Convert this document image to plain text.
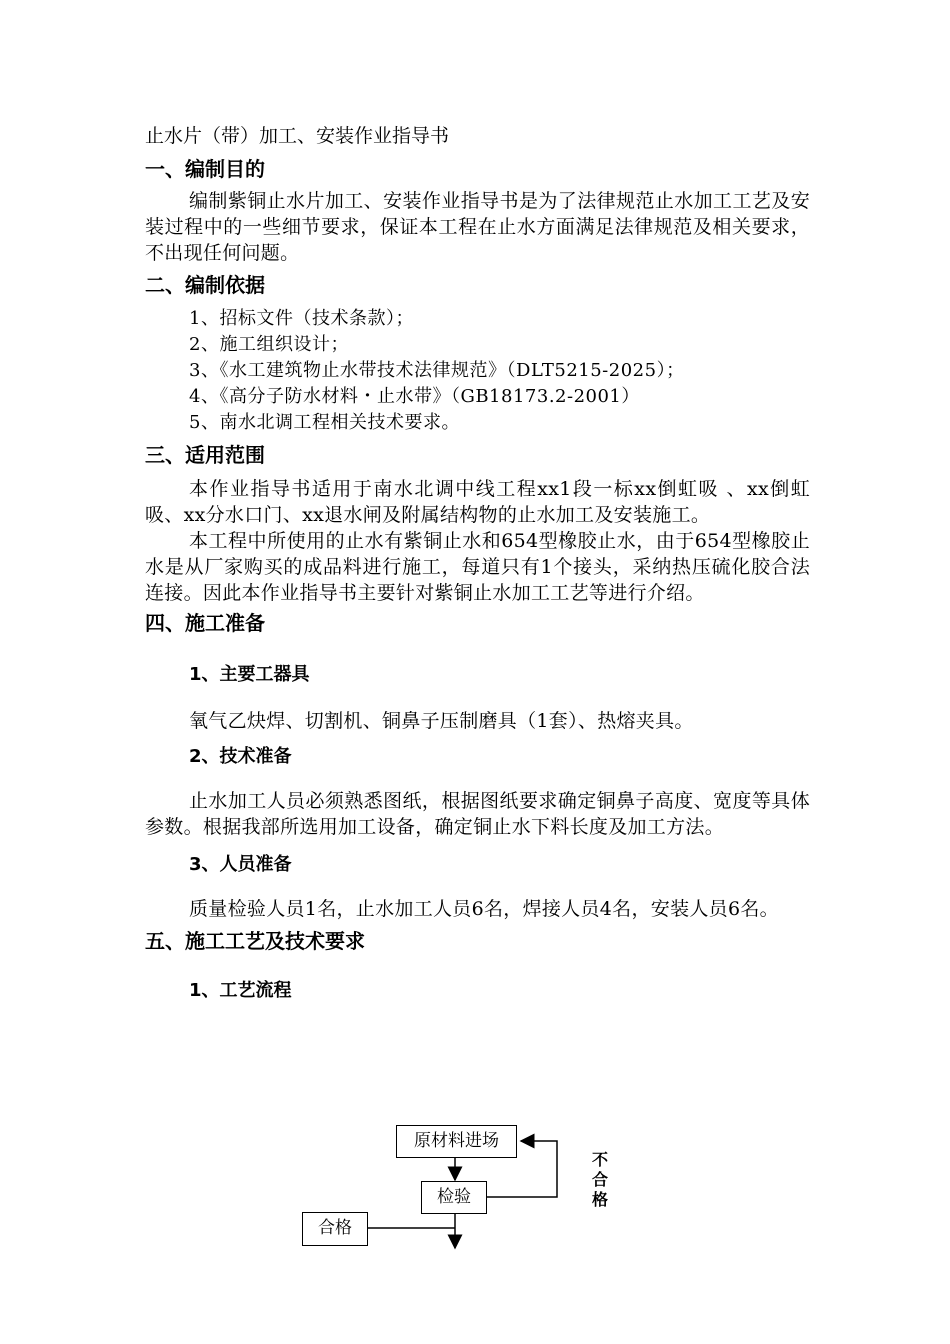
止水片（带）加工、安装作业指导书

一、编制目的

编制紫铜止水片加工、安装作业指导书是为了法律规范止水加工工艺及安装过程中的一些细节要求，保证本工程在止水方面满足法律规范及相关要求，不出现任何问题。

二、编制依据

1、招标文件（技术条款）；

2、施工组织设计；

3、《水工建筑物止水带技术法律规范》（DLT5215-2025）；

4、《高分子防水材料・止水带》（GB18173.2-2001）

5、南水北调工程相关技术要求。

三、适用范围

本作业指导书适用于南水北调中线工程xx1段一标xx倒虹吸 、xx倒虹吸、xx分水口门、xx退水闸及附属结构物的止水加工及安装施工。

本工程中所使用的止水有紫铜止水和654型橡胶止水，由于654型橡胶止水是从厂家购买的成品料进行施工，每道只有1个接头，采纳热压硫化胶合法连接。因此本作业指导书主要针对紫铜止水加工工艺等进行介绍。

四、施工准备

1、主要工器具

氧气乙炔焊、切割机、铜鼻子压制磨具（1套）、热熔夹具。

2、技术准备

止水加工人员必须熟悉图纸，根据图纸要求确定铜鼻子高度、宽度等具体参数。根据我部所选用加工设备，确定铜止水下料长度及加工方法。

3、人员准备

质量检验人员1名，止水加工人员6名，焊接人员4名，安装人员6名。

五、施工工艺及技术要求

1、工艺流程

原材料进场
检验
合格
不合格
